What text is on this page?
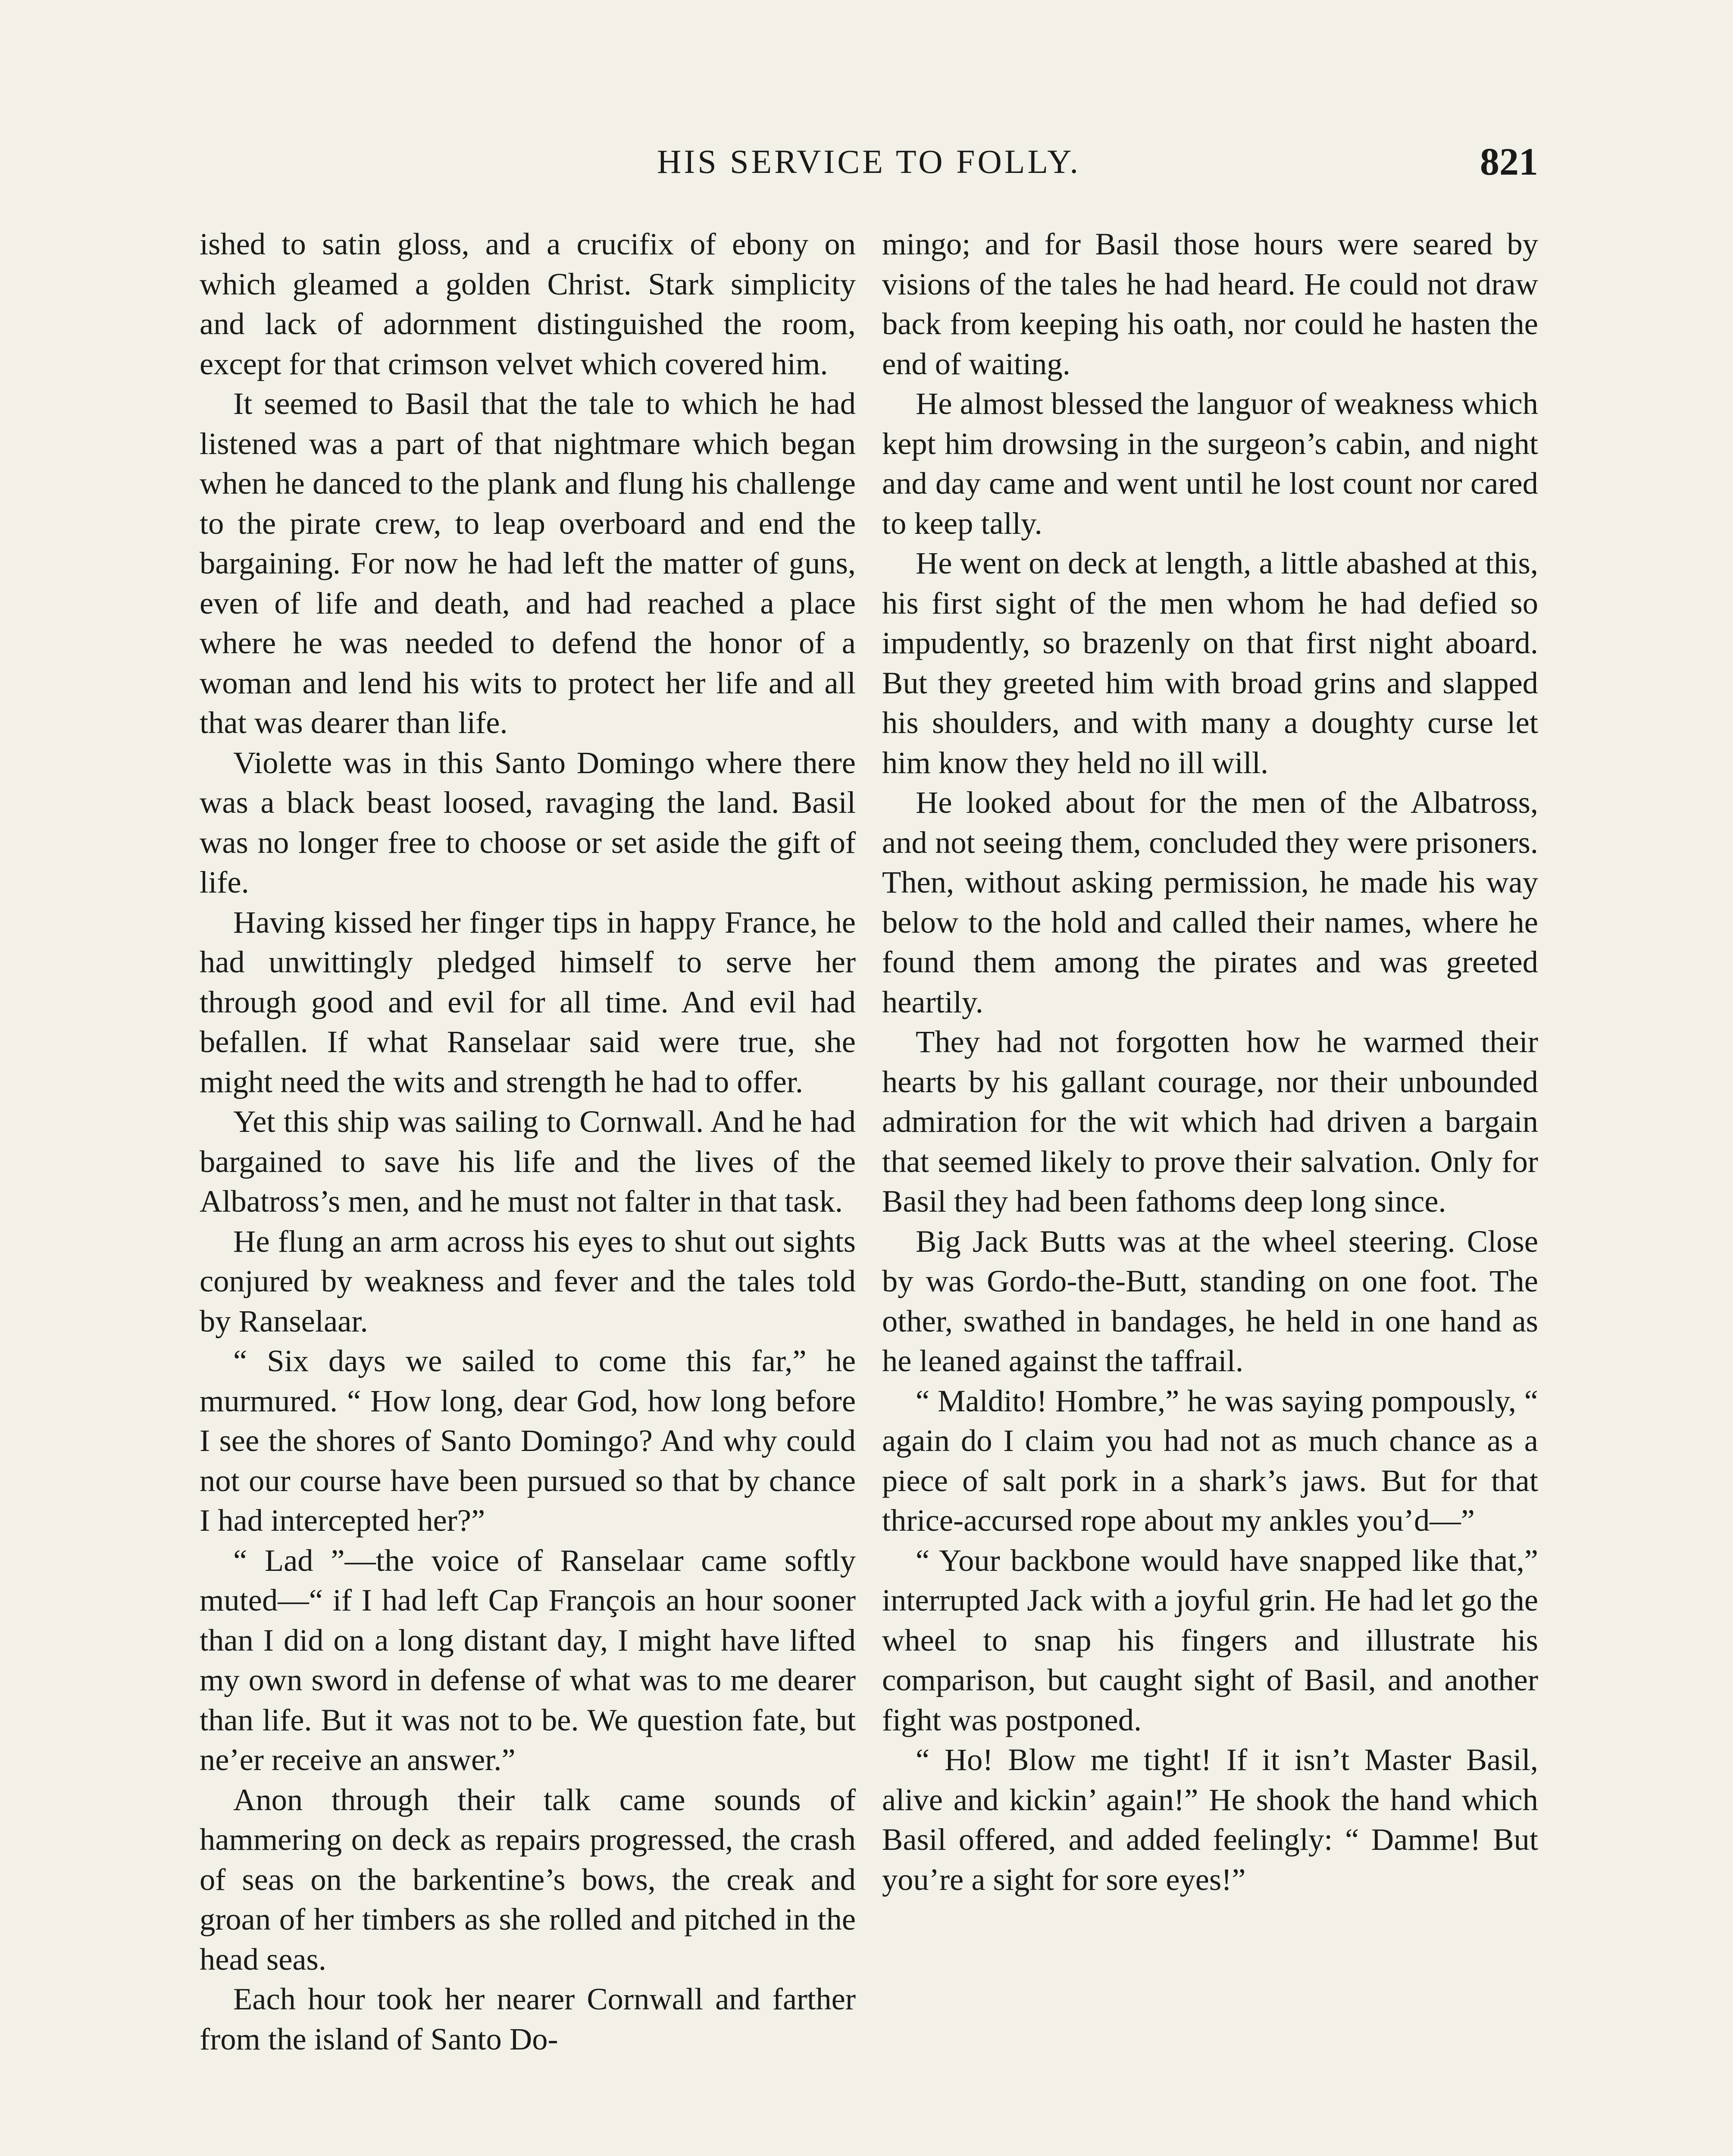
HIS SERVICE TO FOLLY.	821

ished to satin gloss, and a crucifix of ebony on which gleamed a golden Christ. Stark simplicity and lack of adornment distinguished the room, except for that crimson velvet which covered him.

It seemed to Basil that the tale to which he had listened was a part of that nightmare which began when he danced to the plank and flung his challenge to the pirate crew, to leap overboard and end the bargaining. For now he had left the matter of guns, even of life and death, and had reached a place where he was needed to defend the honor of a woman and lend his wits to protect her life and all that was dearer than life.

Violette was in this Santo Domingo where there was a black beast loosed, ravaging the land. Basil was no longer free to choose or set aside the gift of life.

Having kissed her finger tips in happy France, he had unwittingly pledged himself to serve her through good and evil for all time. And evil had befallen. If what Ranselaar said were true, she might need the wits and strength he had to offer.

Yet this ship was sailing to Cornwall. And he had bargained to save his life and the lives of the Albatross’s men, and he must not falter in that task.

He flung an arm across his eyes to shut out sights conjured by weakness and fever and the tales told by Ranselaar.

“ Six days we sailed to come this far,” he murmured. “ How long, dear God, how long before I see the shores of Santo Domingo? And why could not our course have been pursued so that by chance I had intercepted her?”

“ Lad ”—the voice of Ranselaar came softly muted—“ if I had left Cap François an hour sooner than I did on a long distant day, I might have lifted my own sword in defense of what was to me dearer than life. But it was not to be. We question fate, but ne’er receive an answer.”

Anon through their talk came sounds of hammering on deck as repairs progressed, the crash of seas on the barkentine’s bows, the creak and groan of her timbers as she rolled and pitched in the head seas.

Each hour took her nearer Cornwall and farther from the island of Santo Do-

mingo; and for Basil those hours were seared by visions of the tales he had heard. He could not draw back from keeping his oath, nor could he hasten the end of waiting.

He almost blessed the languor of weakness which kept him drowsing in the surgeon’s cabin, and night and day came and went until he lost count nor cared to keep tally.

He went on deck at length, a little abashed at this, his first sight of the men whom he had defied so impudently, so brazenly on that first night aboard. But they greeted him with broad grins and slapped his shoulders, and with many a doughty curse let him know they held no ill will.

He looked about for the men of the Albatross, and not seeing them, concluded they were prisoners. Then, without asking permission, he made his way below to the hold and called their names, where he found them among the pirates and was greeted heartily.

They had not forgotten how he warmed their hearts by his gallant courage, nor their unbounded admiration for the wit which had driven a bargain that seemed likely to prove their salvation. Only for Basil they had been fathoms deep long since.

Big Jack Butts was at the wheel steering. Close by was Gordo-the-Butt, standing on one foot. The other, swathed in bandages, he held in one hand as he leaned against the taffrail.

“ Maldito! Hombre,” he was saying pompously, “ again do I claim you had not as much chance as a piece of salt pork in a shark’s jaws. But for that thrice-accursed rope about my ankles you’d—”

“ Your backbone would have snapped like that,” interrupted Jack with a joyful grin. He had let go the wheel to snap his fingers and illustrate his comparison, but caught sight of Basil, and another fight was postponed.

“ Ho! Blow me tight! If it isn’t Master Basil, alive and kickin’ again!” He shook the hand which Basil offered, and added feelingly: “ Damme! But you’re a sight for sore eyes!”
